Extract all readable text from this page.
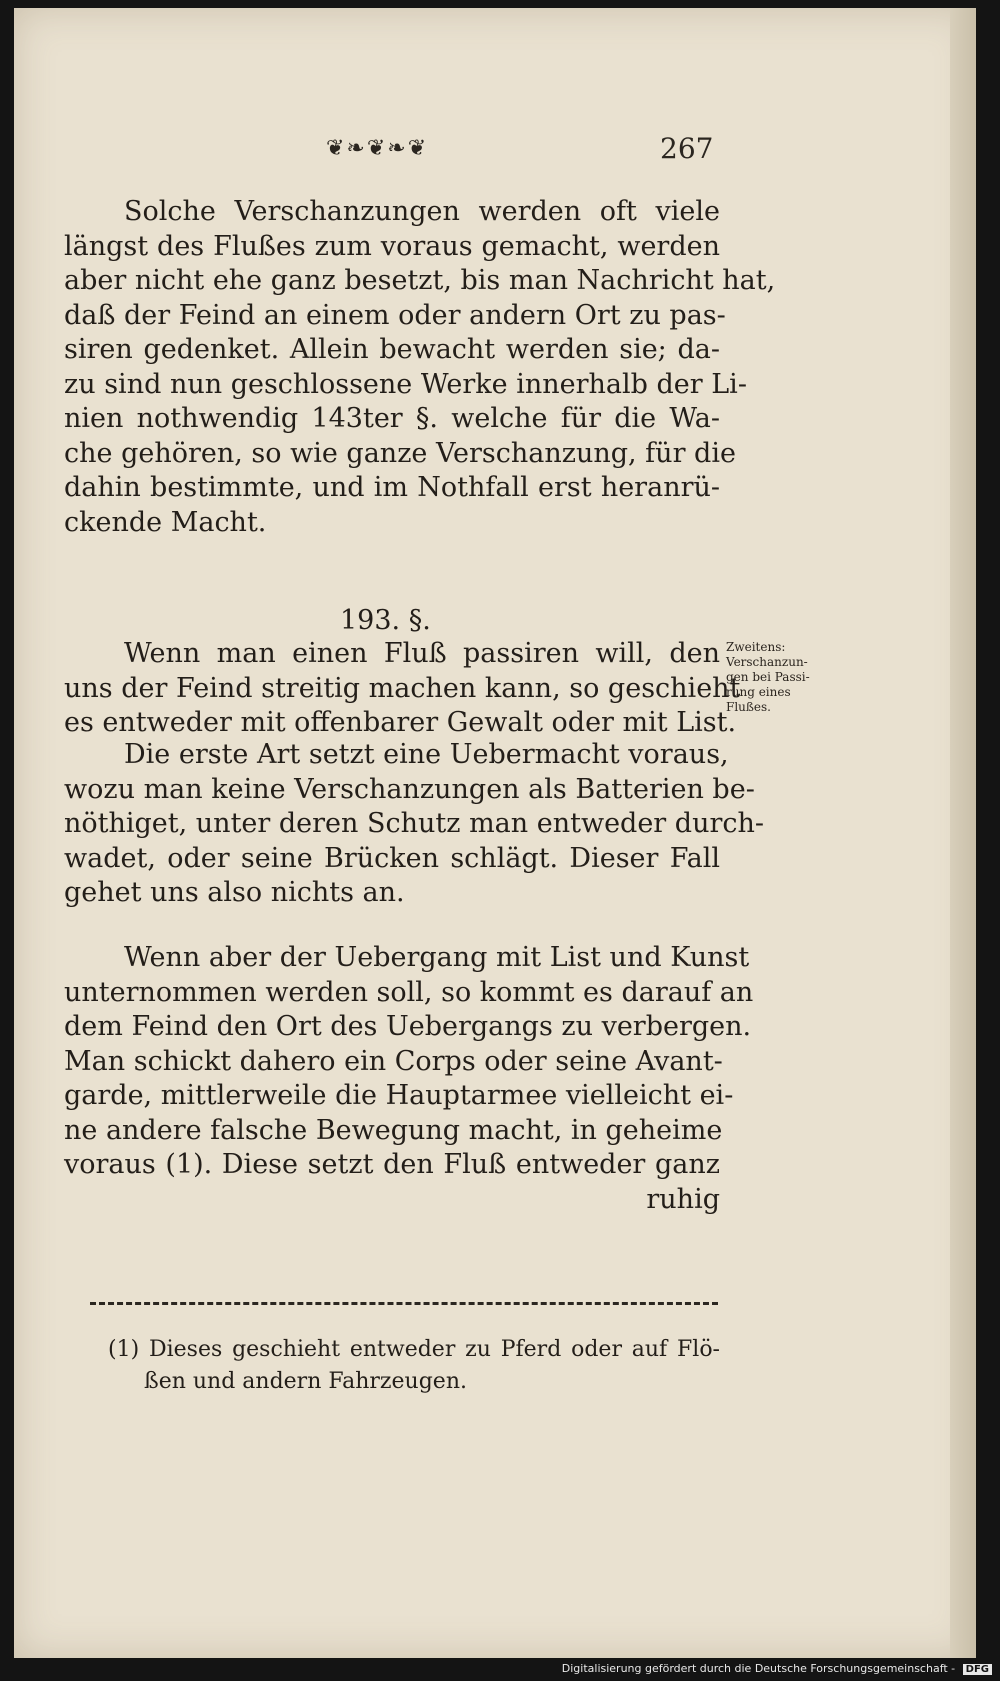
❦❧❦❧❦	267
Solche Verschanzungen werden oft viele
längst des Flußes zum voraus gemacht, werden
aber nicht ehe ganz besetzt, bis man Nachricht hat,
daß der Feind an einem oder andern Ort zu pas-
siren gedenket. Allein bewacht werden sie; da-
zu sind nun geschlossene Werke innerhalb der Li-
nien nothwendig 143ter §. welche für die Wa-
che gehören, so wie ganze Verschanzung, für die
dahin bestimmte, und im Nothfall erst heranrü-
ckende Macht.
193. §.
Wenn man einen Fluß passiren will, den
uns der Feind streitig machen kann, so geschieht
es entweder mit offenbarer Gewalt oder mit List.
Zweitens:
Verschanzun-
gen bei Passi-
rung eines
Flußes.
Die erste Art setzt eine Uebermacht voraus,
wozu man keine Verschanzungen als Batterien be-
nöthiget, unter deren Schutz man entweder durch-
wadet, oder seine Brücken schlägt. Dieser Fall
gehet uns also nichts an.
Wenn aber der Uebergang mit List und Kunst
unternommen werden soll, so kommt es darauf an
dem Feind den Ort des Uebergangs zu verbergen.
Man schickt dahero ein Corps oder seine Avant-
garde, mittlerweile die Hauptarmee vielleicht ei-
ne andere falsche Bewegung macht, in geheime
voraus (1). Diese setzt den Fluß entweder ganz
ruhig
(1) Dieses geschieht entweder zu Pferd oder auf Flö-
ßen und andern Fahrzeugen.
Digitalisierung gefördert durch die Deutsche Forschungsgemeinschaft - DFG
